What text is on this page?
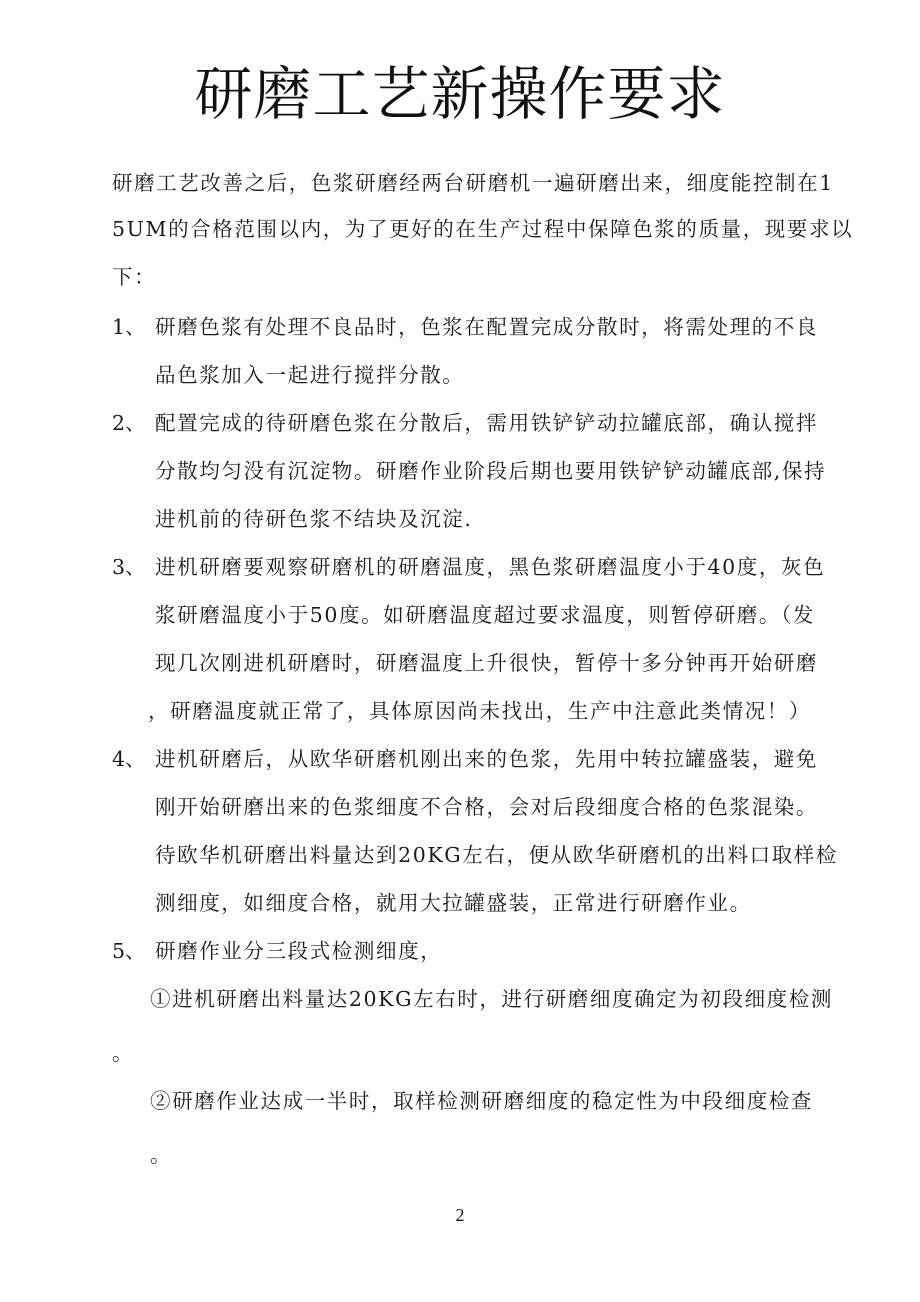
研磨工艺新操作要求
研磨工艺改善之后，色浆研磨经两台研磨机一遍研磨出来，细度能控制在1
5UM的合格范围以内，为了更好的在生产过程中保障色浆的质量，现要求以
下：
1、 研磨色浆有处理不良品时，色浆在配置完成分散时，将需处理的不良
品色浆加入一起进行搅拌分散。
2、 配置完成的待研磨色浆在分散后，需用铁铲铲动拉罐底部，确认搅拌
分散均匀没有沉淀物。研磨作业阶段后期也要用铁铲铲动罐底部,保持
进机前的待研色浆不结块及沉淀.
3、 进机研磨要观察研磨机的研磨温度，黑色浆研磨温度小于40度，灰色
浆研磨温度小于50度。如研磨温度超过要求温度，则暂停研磨。（发
现几次刚进机研磨时，研磨温度上升很快，暂停十多分钟再开始研磨
，研磨温度就正常了，具体原因尚未找出，生产中注意此类情况！）
4、 进机研磨后，从欧华研磨机刚出来的色浆，先用中转拉罐盛装，避免
刚开始研磨出来的色浆细度不合格，会对后段细度合格的色浆混染。
待欧华机研磨出料量达到20KG左右，便从欧华研磨机的出料口取样检
测细度，如细度合格，就用大拉罐盛装，正常进行研磨作业。
5、 研磨作业分三段式检测细度，
①进机研磨出料量达20KG左右时，进行研磨细度确定为初段细度检测
。
②研磨作业达成一半时，取样检测研磨细度的稳定性为中段细度检查
。
2
